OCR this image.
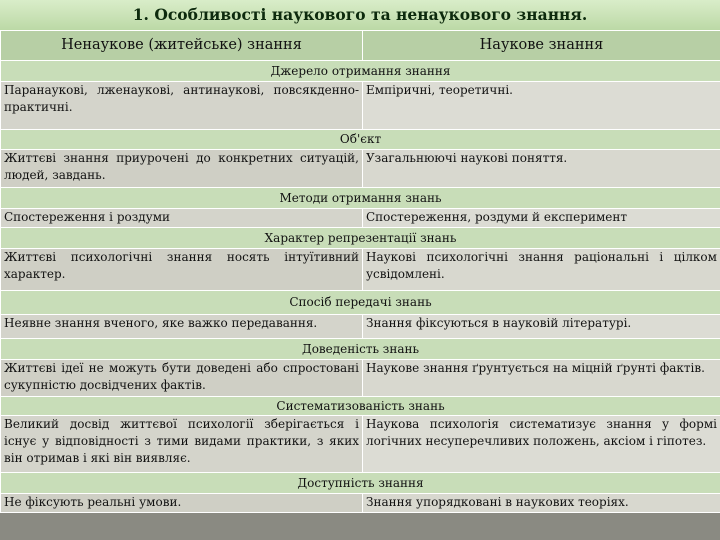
1. Особливості наукового та ненаукового знання.
Ненаукове (житейське) знання	Наукове знання
Джерело отримання знання	
Паранаукові, лженаукові, антинаукові, повсякденно-практичні.	Емпіричні, теоретичні.
Об'єкт	
Життєві знання приурочені до конкретних ситуацій, людей, завдань.	Узагальнюючі наукові поняття.
Методи отримання знань	
Спостереження і роздуми	Спостереження, роздуми й експеримент
Характер репрезентації знань	
Життєві психологічні знання носять інтуїтивний характер.	Наукові психологічні знання раціональні і цілком усвідомлені.
Спосіб передачі знань	
Неявне знання вченого, яке важко передавання.	Знання фіксуються в науковій літературі.
Доведеність знань	
Життєві ідеї не можуть бути доведені або спростовані сукупністю досвідчених фактів.	Наукове знання ґрунтується на міцній ґрунті фактів.
Систематизованість знань	
Великий досвід життєвої психології зберігається і існує у відповідності з тими видами практики, з яких він отримав і які він виявляє.	Наукова психологія систематизує знання у формі логічних несуперечливих положень, аксіом і гіпотез.
Доступність знання	
Не фіксують реальні умови.	Знання упорядковані в наукових теоріях.
